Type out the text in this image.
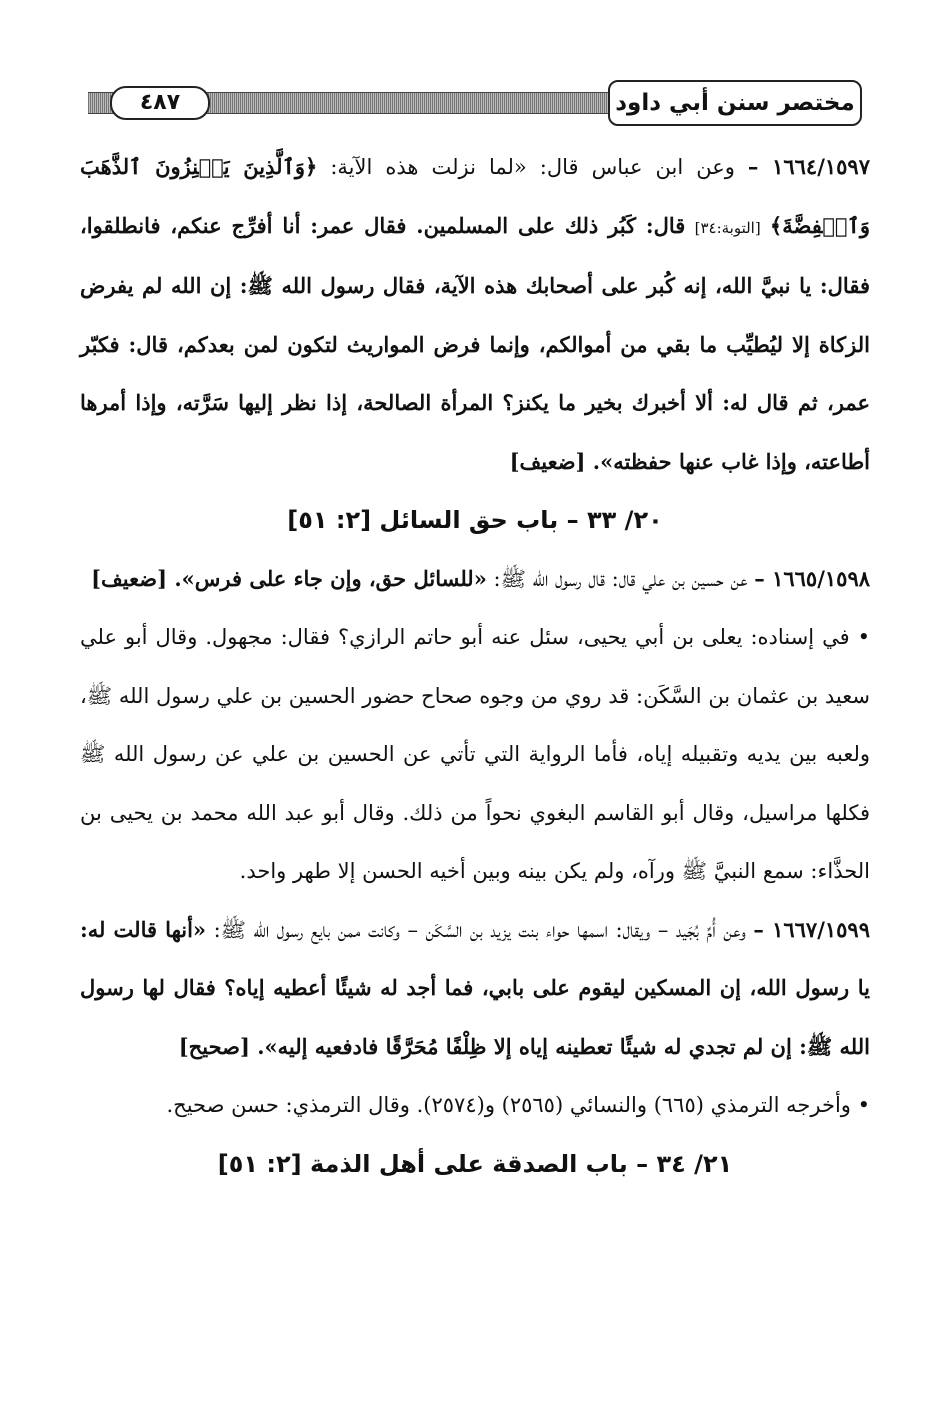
٤٨٧	مختصر سنن أبي داود

١٦٦٤/١٥٩٧ – وعن ابن عباس قال: «لما نزلت هذه الآية: ﴿وَٱلَّذِينَ يَكۡنِزُونَ ٱلذَّهَبَ وَٱلۡفِضَّةَ﴾ [التوبة:٣٤] قال: كَبُر ذلك على المسلمين. فقال عمر: أنا أفرِّج عنكم، فانطلقوا، فقال: يا نبيَّ الله، إنه كُبر على أصحابك هذه الآية، فقال رسول الله ﷺ: إن الله لم يفرض الزكاة إلا ليُطيِّب ما بقي من أموالكم، وإنما فرض المواريث لتكون لمن بعدكم، قال: فكبّر عمر، ثم قال له: ألا أخبرك بخير ما يكنز؟ المرأة الصالحة، إذا نظر إليها سَرَّته، وإذا أمرها أطاعته، وإذا غاب عنها حفظته». [ضعيف]

٢٠/ ٣٣ – باب حق السائل [٢: ٥١]

١٦٦٥/١٥٩٨ – عن حسين بن علي قال: قال رسول الله ﷺ: «للسائل حق، وإن جاء على فرس». [ضعيف]

• في إسناده: يعلى بن أبي يحيى، سئل عنه أبو حاتم الرازي؟ فقال: مجهول. وقال أبو علي سعيد بن عثمان بن السَّكَن: قد روي من وجوه صحاح حضور الحسين بن علي رسول الله ﷺ، ولعبه بين يديه وتقبيله إياه، فأما الرواية التي تأتي عن الحسين بن علي عن رسول الله ﷺ فكلها مراسيل، وقال أبو القاسم البغوي نحواً من ذلك. وقال أبو عبد الله محمد بن يحيى بن الحذَّاء: سمع النبيَّ ﷺ ورآه، ولم يكن بينه وبين أخيه الحسن إلا طهر واحد.

١٦٦٧/١٥٩٩ – وعن أُمِّ بُجَيد – ويقال: اسمها حواء بنت يزيد بن السَّكَن – وكانت ممن بايع رسول الله ﷺ: «أنها قالت له: يا رسول الله، إن المسكين ليقوم على بابي، فما أجد له شيئًا أعطيه إياه؟ فقال لها رسول الله ﷺ: إن لم تجدي له شيئًا تعطينه إياه إلا ظِلْفًا مُحَرَّقًا فادفعيه إليه». [صحيح]

• وأخرجه الترمذي (٦٦٥) والنسائي (٢٥٦٥) و(٢٥٧٤). وقال الترمذي: حسن صحيح.

٢١/ ٣٤ – باب الصدقة على أهل الذمة [٢: ٥١]
